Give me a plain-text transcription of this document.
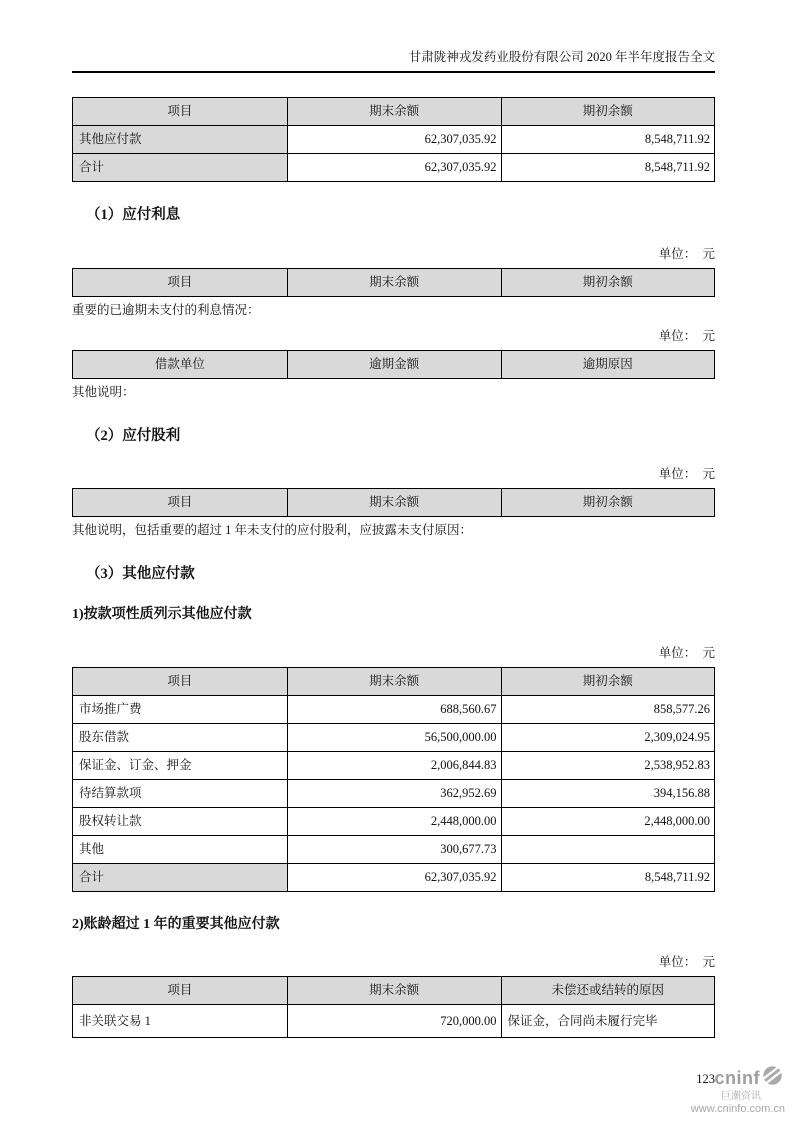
甘肃陇神戎发药业股份有限公司 2020 年半年度报告全文
项目	期末余额	期初余额
其他应付款	62,307,035.92	8,548,711.92
合计	62,307,035.92	8,548,711.92
（1）应付利息
单位：　元
项目	期末余额	期初余额
重要的已逾期未支付的利息情况：
单位：　元
借款单位	逾期金额	逾期原因
其他说明：
（2）应付股利
单位：　元
项目	期末余额	期初余额
其他说明，包括重要的超过 1 年未支付的应付股利，应披露未支付原因：
（3）其他应付款
1)按款项性质列示其他应付款
单位：　元
项目	期末余额	期初余额
市场推广费	688,560.67	858,577.26
股东借款	56,500,000.00	2,309,024.95
保证金、订金、押金	2,006,844.83	2,538,952.83
待结算款项	362,952.69	394,156.88
股权转让款	2,448,000.00	2,448,000.00
其他	300,677.73	
合计	62,307,035.92	8,548,711.92
2)账龄超过 1 年的重要其他应付款
单位：　元
项目	期末余额	未偿还或结转的原因
非关联交易 1	720,000.00	保证金，合同尚未履行完毕
123 cninf
巨潮资讯
www.cninfo.com.cn
